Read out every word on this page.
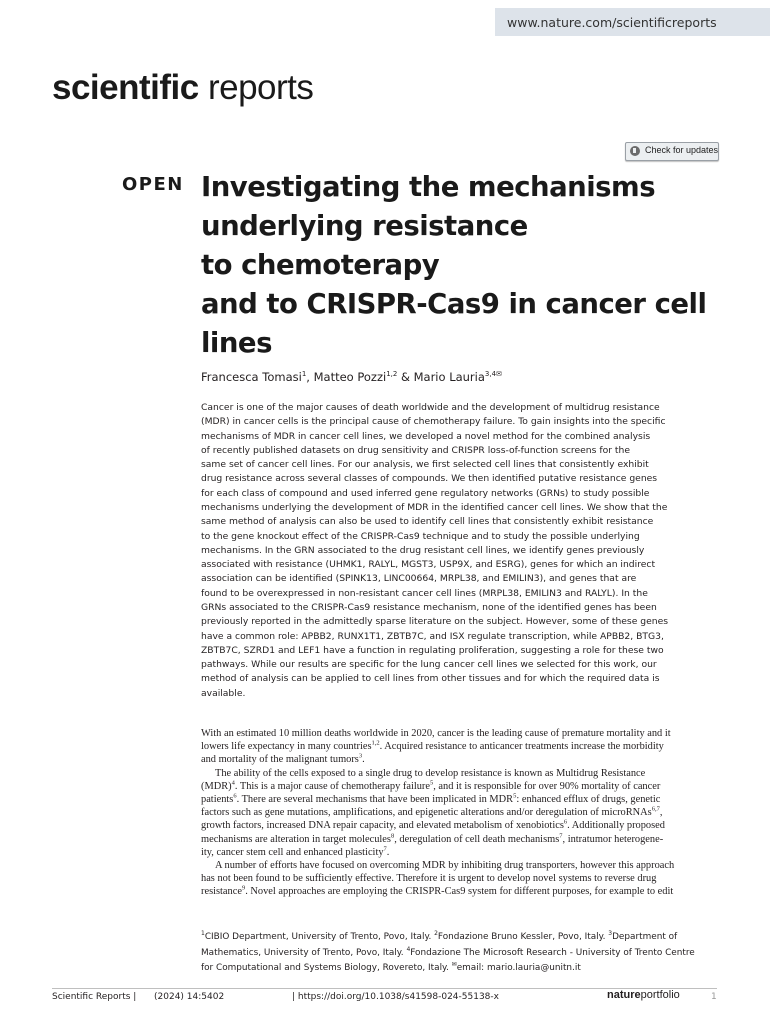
www.nature.com/scientificreports
scientific reports
Check for updates
OPEN Investigating the mechanisms
underlying resistance
to chemoterapy
and to CRISPR-Cas9 in cancer cell
lines
Francesca Tomasi$^1$, Matteo Pozzi$^{1,2}$ & Mario Lauria$^{3,4✉}$
Cancer is one of the major causes of death worldwide and the development of multidrug resistance
(MDR) in cancer cells is the principal cause of chemotherapy failure. To gain insights into the specific
mechanisms of MDR in cancer cell lines, we developed a novel method for the combined analysis
of recently published datasets on drug sensitivity and CRISPR loss-of-function screens for the
same set of cancer cell lines. For our analysis, we first selected cell lines that consistently exhibit
drug resistance across several classes of compounds. We then identified putative resistance genes
for each class of compound and used inferred gene regulatory networks (GRNs) to study possible
mechanisms underlying the development of MDR in the identified cancer cell lines. We show that the
same method of analysis can also be used to identify cell lines that consistently exhibit resistance
to the gene knockout effect of the CRISPR-Cas9 technique and to study the possible underlying
mechanisms. In the GRN associated to the drug resistant cell lines, we identify genes previously
associated with resistance (UHMK1, RALYL, MGST3, USP9X, and ESRG), genes for which an indirect
association can be identified (SPINK13, LINC00664, MRPL38, and EMILIN3), and genes that are
found to be overexpressed in non-resistant cancer cell lines (MRPL38, EMILIN3 and RALYL). In the
GRNs associated to the CRISPR-Cas9 resistance mechanism, none of the identified genes has been
previously reported in the admittedly sparse literature on the subject. However, some of these genes
have a common role: APBB2, RUNX1T1, ZBTB7C, and ISX regulate transcription, while APBB2, BTG3,
ZBTB7C, SZRD1 and LEF1 have a function in regulating proliferation, suggesting a role for these two
pathways. While our results are specific for the lung cancer cell lines we selected for this work, our
method of analysis can be applied to cell lines from other tissues and for which the required data is
available.
With an estimated 10 million deaths worldwide in 2020, cancer is the leading cause of premature mortality and it
lowers life expectancy in many countries$^{1,2}$. Acquired resistance to anticancer treatments increase the morbidity
and mortality of the malignant tumors$^3$.
The ability of the cells exposed to a single drug to develop resistance is known as Multidrug Resistance
(MDR)$^4$. This is a major cause of chemotherapy failure$^5$, and it is responsible for over 90% mortality of cancer
patients$^6$. There are several mechanisms that have been implicated in MDR$^5$: enhanced efflux of drugs, genetic
factors such as gene mutations, amplifications, and epigenetic alterations and/or deregulation of microRNAs$^{6,7}$,
growth factors, increased DNA repair capacity, and elevated metabolism of xenobiotics$^6$. Additionally proposed
mechanisms are alteration in target molecules$^8$, deregulation of cell death mechanisms$^7$, intratumor heterogene-
ity, cancer stem cell and enhanced plasticity$^7$.
A number of efforts have focused on overcoming MDR by inhibiting drug transporters, however this approach
has not been found to be sufficiently effective. Therefore it is urgent to develop novel systems to reverse drug
resistance$^9$. Novel approaches are employing the CRISPR-Cas9 system for different purposes, for example to edit
$^1$CIBIO Department, University of Trento, Povo, Italy. $^2$Fondazione Bruno Kessler, Povo, Italy. $^3$Department of
Mathematics, University of Trento, Povo, Italy. $^4$Fondazione The Microsoft Research - University of Trento Centre
for Computational and Systems Biology, Rovereto, Italy. ✉email: mario.lauria@unitn.it
Scientific Reports | (2024) 14:5402	| https://doi.org/10.1038/s41598-024-55138-x	natureportfolio	1
